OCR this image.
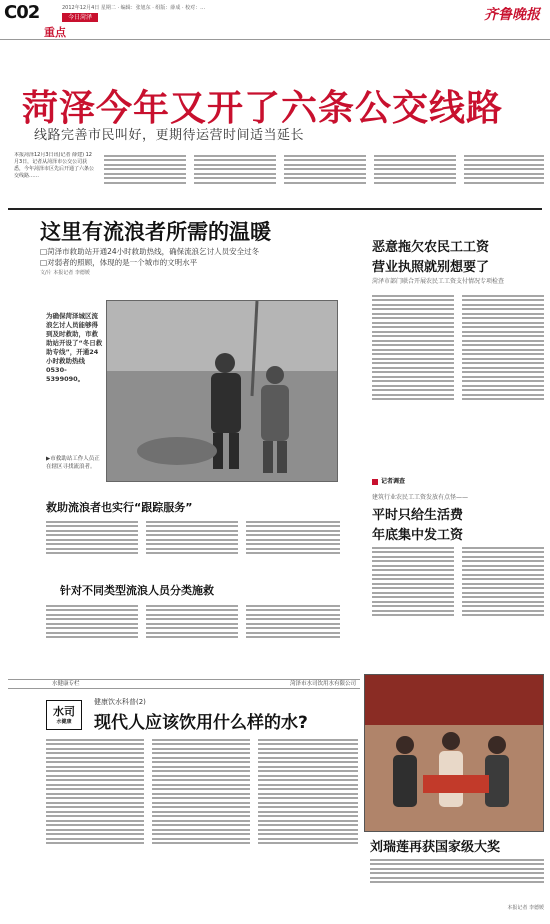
C02	2012年12月4日 星期二 · 编辑：张旭东 · 组版：薛成 · 校对：…
今日菏泽
重点
齐鲁晚报
菏泽今年又开了六条公交线路
线路完善市民叫好，更期待运营时间适当延长
本报菏泽12月3日讯(记者 薛建) 12月3日，记者从菏泽市公交公司获悉，今年菏泽市区先后开通了六条公交线路……
这里有流浪者所需的温暖
□菏泽市救助站开通24小时救助热线，确保流浪乞讨人员安全过冬
□对弱者的照顾，体现的是一个城市的文明水平
文/片 本报记者 李德媛
为确保菏泽城区流浪乞讨人员能够得到及时救助，市救助站开设了“冬日救助专线”，开通24小时救助热线0530-5399090。
▶市救助站工作人员正在辖区寻找流浪者。
救助流浪者也实行“跟踪服务”
针对不同类型流浪人员分类施救
恶意拖欠农民工工资
营业执照就别想要了
菏泽市部门联合开展农民工工资支付情况专项检查
记者调查
建筑行业农民工工资发放有点怪——
平时只给生活费
年底集中发工资
水健康专栏	菏泽市水司饮用水有限公司
水司
水健康
健康饮水科普(2)
现代人应该饮用什么样的水?
刘瑞莲再获国家级大奖
本报记者 李德媛
